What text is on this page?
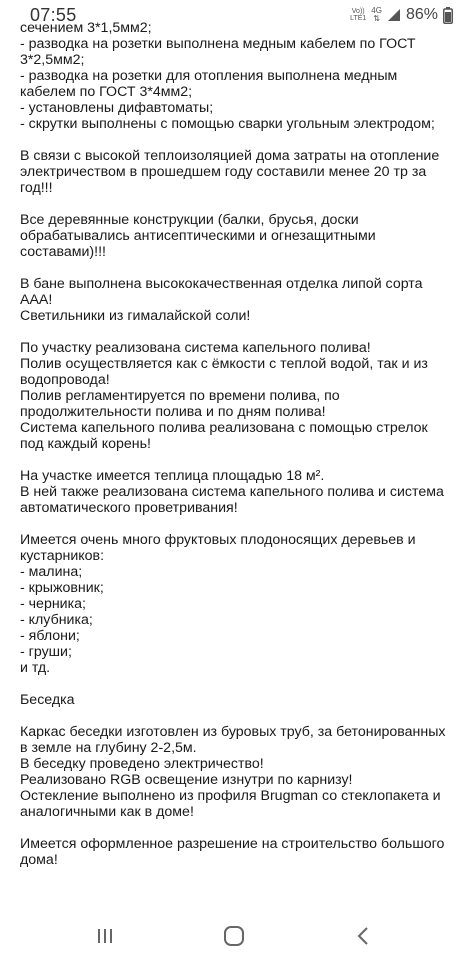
07:55	Vo))
LTE1
4G
⇅ 86%
сечением 3*1,5мм2;
- разводка на розетки выполнена медным кабелем по ГОСТ
3*2,5мм2;
- разводка на розетки для отопления выполнена медным
кабелем по ГОСТ 3*4мм2;
- установлены дифавтоматы;
- скрутки выполнены с помощью сварки угольным электродом;
В связи с высокой теплоизоляцией дома затраты на отопление
электричеством в прошедшем году составили менее 20 тр за
год!!!
Все деревянные конструкции (балки, брусья, доски
обрабатывались антисептическими и огнезащитными
составами)!!!
В бане выполнена высококачественная отделка липой сорта
ААА!
Светильники из гималайской соли!
По участку реализована система капельного полива!
Полив осуществляется как с ёмкости с теплой водой, так и из
водопровода!
Полив регламентируется по времени полива, по
продолжительности полива и по дням полива!
Система капельного полива реализована с помощью стрелок
под каждый корень!
На участке имеется теплица площадью 18 м².
В ней также реализована система капельного полива и система
автоматического проветривания!
Имеется очень много фруктовых плодоносящих деревьев и
кустарников:
- малина;
- крыжовник;
- черника;
- клубника;
- яблони;
- груши;
и тд.
Беседка
Каркас беседки изготовлен из буровых труб, за бетонированных
в земле на глубину 2-2,5м.
В беседку проведено электричество!
Реализовано RGB освещение изнутри по карнизу!
Остекление выполнено из профиля Brugman со стеклопакета и
аналогичными как в доме!
Имеется оформленное разрешение на строительство большого
дома!
